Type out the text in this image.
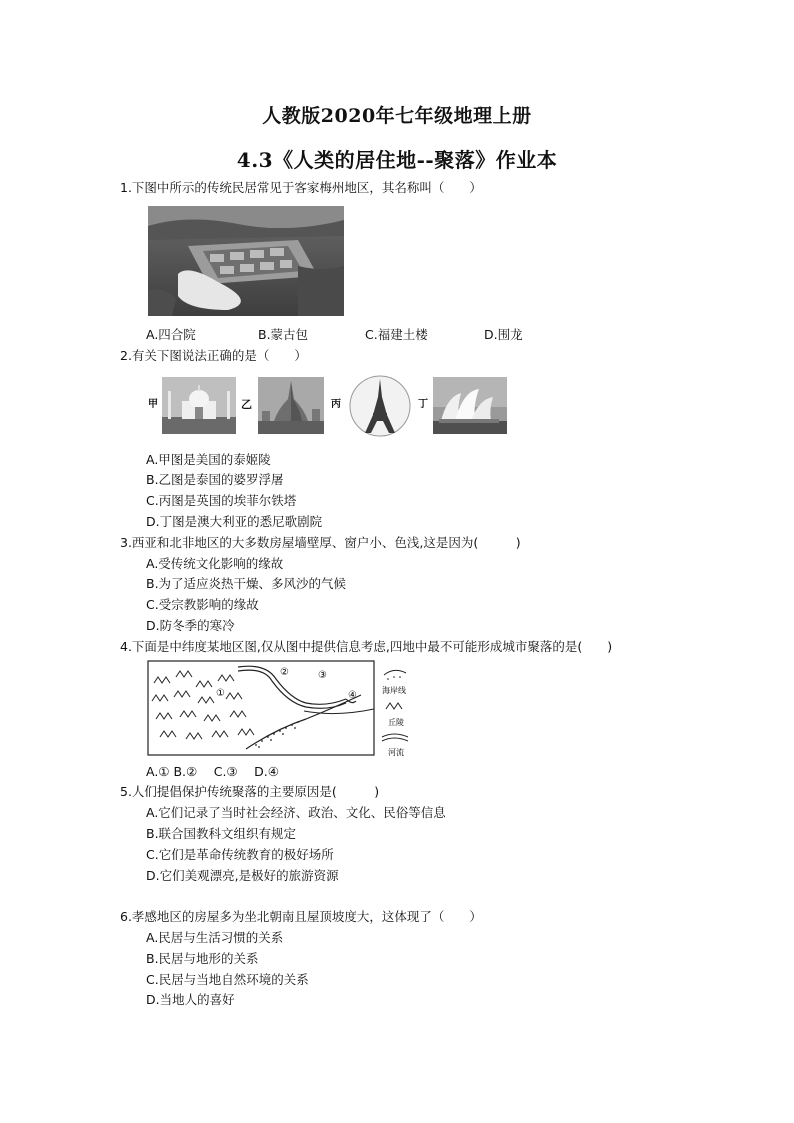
人教版2020年七年级地理上册
4.3《人类的居住地--聚落》作业本
1.下图中所示的传统民居常见于客家梅州地区，其名称叫（　　）
A.四合院	B.蒙古包	C.福建土楼	D.围龙
2.有关下图说法正确的是（　　）
甲	乙	丙	丁
A.甲图是美国的泰姬陵
B.乙图是泰国的婆罗浮屠
C.丙图是英国的埃菲尔铁塔
D.丁图是澳大利亚的悉尼歌剧院
3.西亚和北非地区的大多数房屋墙壁厚、窗户小、色浅,这是因为(　　　)
A.受传统文化影响的缘故
B.为了适应炎热干燥、多风沙的气候
C.受宗教影响的缘故
D.防冬季的寒冷
4.下面是中纬度某地区图,仅从图中提供信息考虑,四地中最不可能形成城市聚落的是(　　)
①
②	③
④	海岸线
丘陵
河流
A.① B.②　 C.③　 D.④
5.人们提倡保护传统聚落的主要原因是(　　　)
A.它们记录了当时社会经济、政治、文化、民俗等信息
B.联合国教科文组织有规定
C.它们是革命传统教育的极好场所
D.它们美观漂亮,是极好的旅游资源
6.孝感地区的房屋多为坐北朝南且屋顶坡度大，这体现了（　　）
A.民居与生活习惯的关系
B.民居与地形的关系
C.民居与当地自然环境的关系
D.当地人的喜好
